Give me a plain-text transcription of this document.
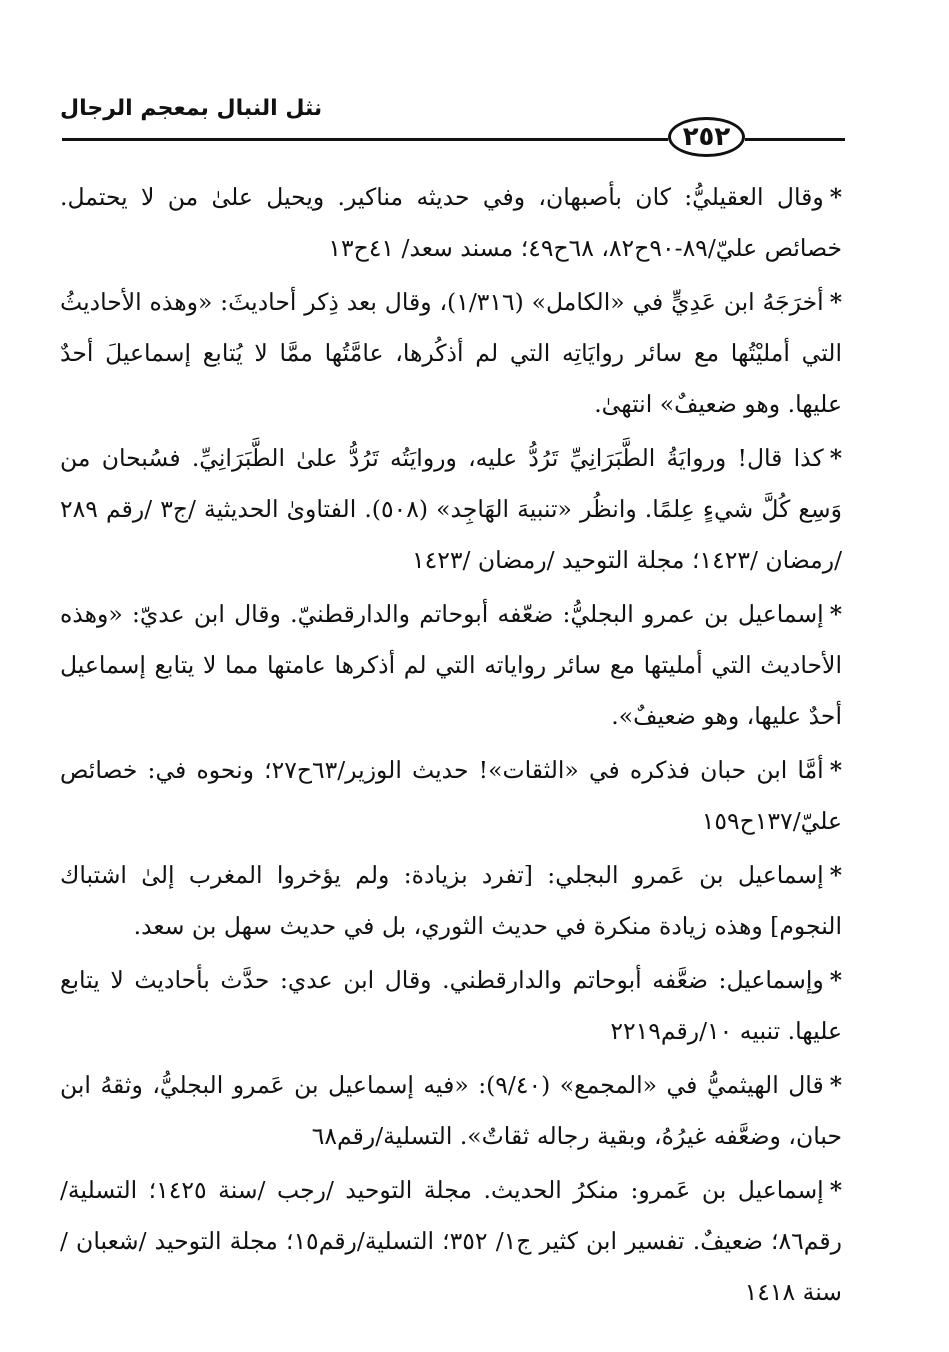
نثل النبال بمعجم الرجال
٢٥٢

*وقال العقيليُّ: كان بأصبهان، وفي حديثه مناكير. ويحيل علىٰ من لا يحتمل. خصائص عليّ/٨٩-٩٠ح٨٢، ٦٨ح٤٩؛ مسند سعد/ ٤١ح١٣

*أخرَجَهُ ابن عَدِيٍّ في «الكامل» (١/٣١٦)، وقال بعد ذِكر أحاديثَ: «وهذه الأحاديثُ التي أمليْتُها مع سائر روايَاتِه التي لم أذكُرها، عامَّتُها ممَّا لا يُتابع إسماعيلَ أحدٌ عليها. وهو ضعيفٌ» انتهىٰ.

*كذا قال! وروايَةُ الطَّبَرَانِيِّ تَرُدُّ عليه، وروايَتُه تَرُدُّ علىٰ الطَّبَرَانِيِّ. فسُبحان من وَسِع كُلَّ شيءٍ عِلمًا. وانظُر «تنبيهَ الهَاجِد» (٥٠٨). الفتاوىٰ الحديثية /ج٣ /رقم ٢٨٩ /رمضان /١٤٢٣؛ مجلة التوحيد /رمضان /١٤٢٣

*إسماعيل بن عمرو البجليُّ: ضعّفه أبوحاتم والدارقطنيّ. وقال ابن عديّ: «وهذه الأحاديث التي أمليتها مع سائر رواياته التي لم أذكرها عامتها مما لا يتابع إسماعيل أحدٌ عليها، وهو ضعيفٌ».

*أمَّا ابن حبان فذكره في «الثقات»! حديث الوزير/٦٣ح٢٧؛ ونحوه في: خصائص عليّ/١٣٧ح١٥٩

*إسماعيل بن عَمرو البجلي: [تفرد بزيادة: ولم يؤخروا المغرب إلىٰ اشتباك النجوم] وهذه زيادة منكرة في حديث الثوري، بل في حديث سهل بن سعد.

*وإسماعيل: ضعَّفه أبوحاتم والدارقطني. وقال ابن عدي: حدَّث بأحاديث لا يتابع عليها. تنبيه ١٠/رقم٢٢١٩

*قال الهيثميُّ في «المجمع» (٩/٤٠): «فيه إسماعيل بن عَمرو البجليُّ، وثقهُ ابن حبان، وضعَّفه غيرُهُ، وبقية رجاله ثقاتٌ». التسلية/رقم٦٨

*إسماعيل بن عَمرو: منكرُ الحديث. مجلة التوحيد /رجب /سنة ١٤٢٥؛ التسلية/رقم٨٦؛ ضعيفٌ. تفسير ابن كثير ج١/ ٣٥٢؛ التسلية/رقم١٥؛ مجلة التوحيد /شعبان /سنة ١٤١٨
